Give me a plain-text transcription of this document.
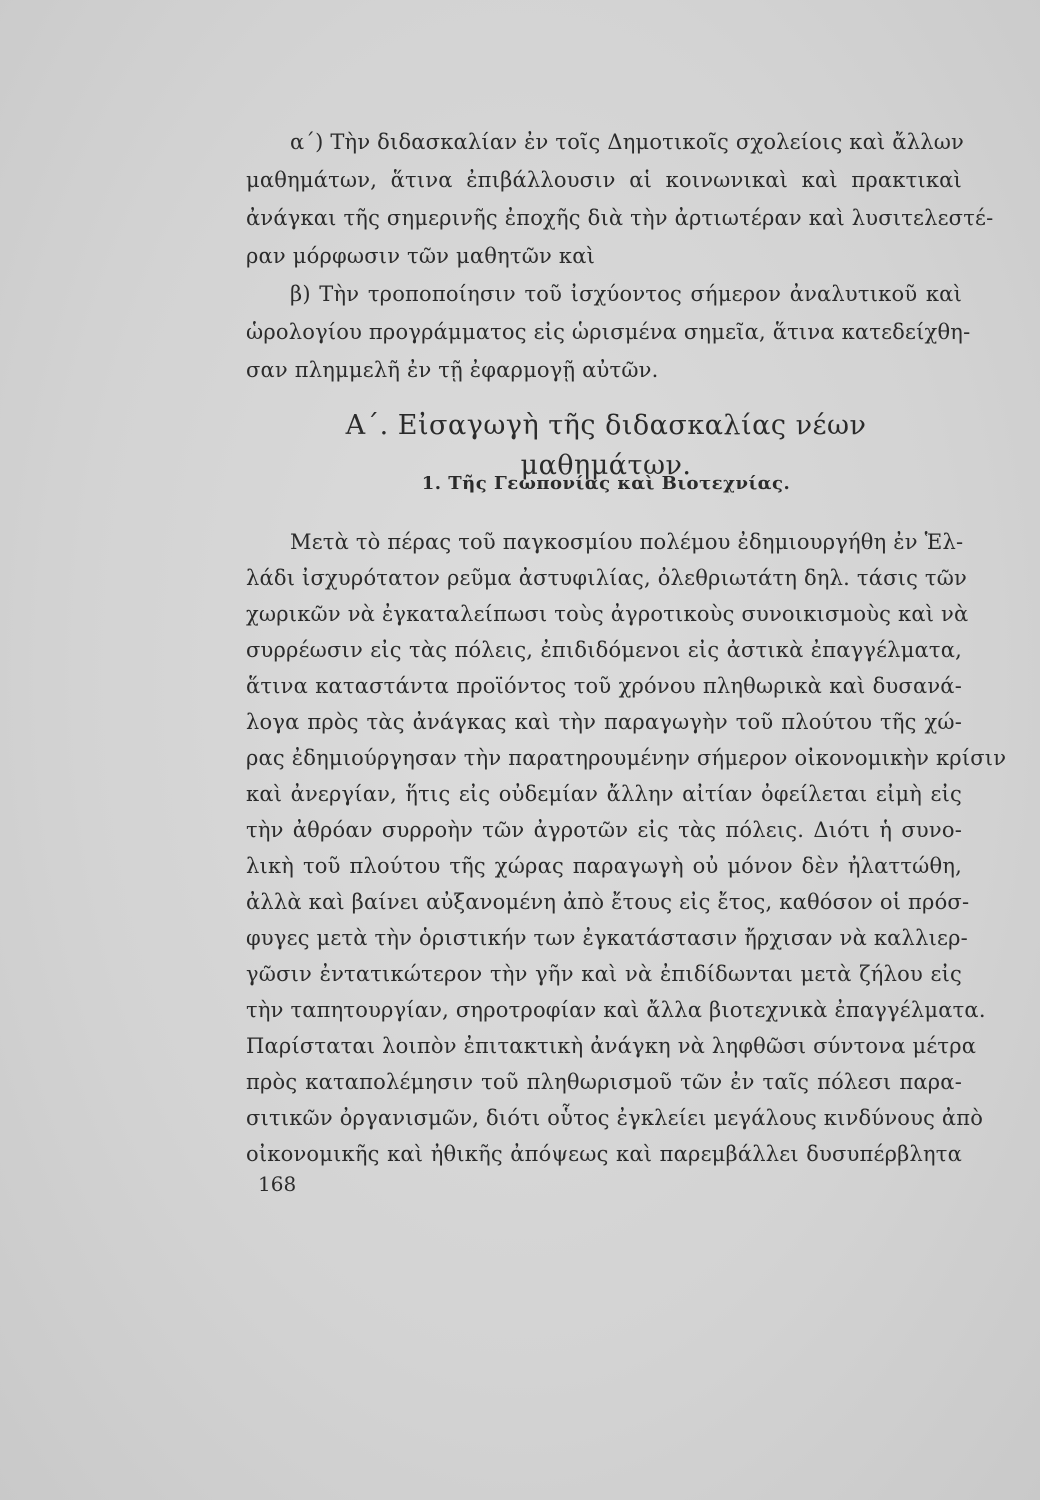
α΄) Τὴν διδασκαλίαν ἐν τοῖς Δημοτικοῖς σχολείοις καὶ ἄλλων
μαθημάτων, ἅτινα ἐπιβάλλουσιν αἱ κοινωνικαὶ καὶ πρακτικαὶ
ἀνάγκαι τῆς σημερινῆς ἐποχῆς διὰ τὴν ἀρτιωτέραν καὶ λυσιτελεστέ-
ραν μόρφωσιν τῶν μαθητῶν καὶ
β) Τὴν τροποποίησιν τοῦ ἰσχύοντος σήμερον ἀναλυτικοῦ καὶ
ὡρολογίου προγράμματος εἰς ὡρισμένα σημεῖα, ἅτινα κατεδείχθη-
σαν πλημμελῆ ἐν τῇ ἐφαρμογῇ αὐτῶν.
Α΄. Εἰσαγωγὴ τῆς διδασκαλίας νέων μαθημάτων.
1. Τῆς Γεωπονίας καὶ Βιοτεχνίας.
Μετὰ τὸ πέρας τοῦ παγκοσμίου πολέμου ἐδημιουργήθη ἐν Ἑλ-
λάδι ἰσχυρότατον ρεῦμα ἀστυφιλίας, ὀλεθριωτάτη δηλ. τάσις τῶν
χωρικῶν νὰ ἐγκαταλείπωσι τοὺς ἀγροτικοὺς συνοικισμοὺς καὶ νὰ
συρρέωσιν εἰς τὰς πόλεις, ἐπιδιδόμενοι εἰς ἀστικὰ ἐπαγγέλματα,
ἅτινα καταστάντα προϊόντος τοῦ χρόνου πληθωρικὰ καὶ δυσανά-
λογα πρὸς τὰς ἀνάγκας καὶ τὴν παραγωγὴν τοῦ πλούτου τῆς χώ-
ρας ἐδημιούργησαν τὴν παρατηρουμένην σήμερον οἰκονομικὴν κρίσιν
καὶ ἀνεργίαν, ἥτις εἰς οὐδεμίαν ἄλλην αἰτίαν ὀφείλεται εἰμὴ εἰς
τὴν ἀθρόαν συρροὴν τῶν ἀγροτῶν εἰς τὰς πόλεις. Διότι ἡ συνο-
λικὴ τοῦ πλούτου τῆς χώρας παραγωγὴ οὐ μόνον δὲν ἠλαττώθη,
ἀλλὰ καὶ βαίνει αὐξανομένη ἀπὸ ἔτους εἰς ἔτος, καθόσον οἱ πρόσ-
φυγες μετὰ τὴν ὁριστικήν των ἐγκατάστασιν ἤρχισαν νὰ καλλιερ-
γῶσιν ἐντατικώτερον τὴν γῆν καὶ νὰ ἐπιδίδωνται μετὰ ζήλου εἰς
τὴν ταπητουργίαν, σηροτροφίαν καὶ ἄλλα βιοτεχνικὰ ἐπαγγέλματα.
Παρίσταται λοιπὸν ἐπιτακτικὴ ἀνάγκη νὰ ληφθῶσι σύντονα μέτρα
πρὸς καταπολέμησιν τοῦ πληθωρισμοῦ τῶν ἐν ταῖς πόλεσι παρα-
σιτικῶν ὀργανισμῶν, διότι οὗτος ἐγκλείει μεγάλους κινδύνους ἀπὸ
οἰκονομικῆς καὶ ἠθικῆς ἀπόψεως καὶ παρεμβάλλει δυσυπέρβλητα
168
